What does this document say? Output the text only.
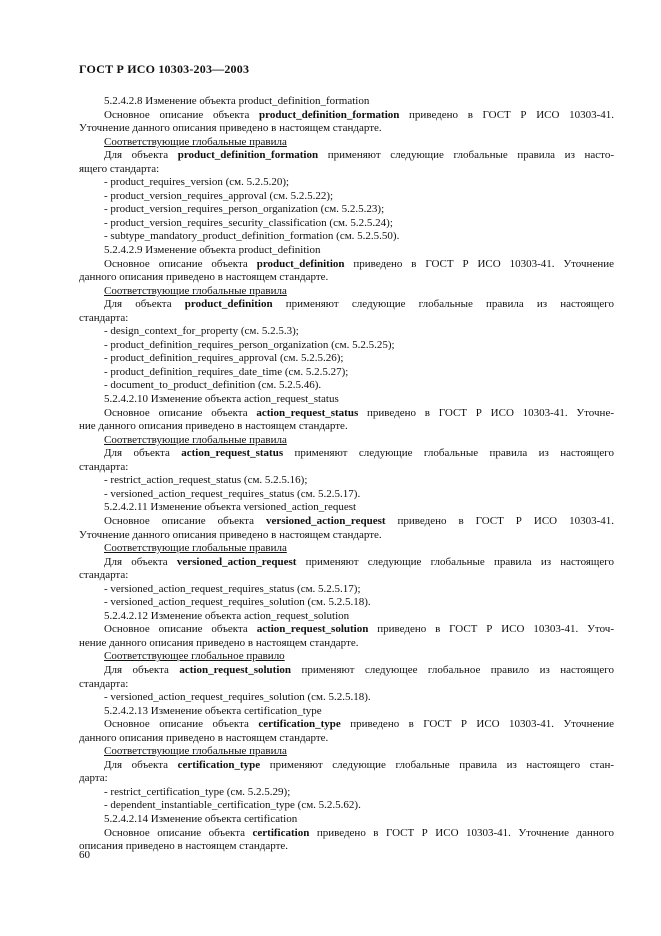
ГОСТ Р ИСО 10303-203—2003
5.2.4.2.8 Изменение объекта product_definition_formation
Основное описание объекта product_definition_formation приведено в ГОСТ Р ИСО 10303-41.
Уточнение данного описания приведено в настоящем стандарте.
Соответствующие глобальные правила
Для объекта product_definition_formation применяют следующие глобальные правила из насто-
ящего стандарта:
- product_requires_version (см. 5.2.5.20);
- product_version_requires_approval (см. 5.2.5.22);
- product_version_requires_person_organization (см. 5.2.5.23);
- product_version_requires_security_classification (см. 5.2.5.24);
- subtype_mandatory_product_definition_formation (см. 5.2.5.50).
5.2.4.2.9 Изменение объекта product_definition
Основное описание объекта product_definition приведено в ГОСТ Р ИСО 10303-41. Уточнение
данного описания приведено в настоящем стандарте.
Соответствующие глобальные правила
Для объекта product_definition применяют следующие глобальные правила из настоящего
стандарта:
- design_context_for_property (см. 5.2.5.3);
- product_definition_requires_person_organization (см. 5.2.5.25);
- product_definition_requires_approval (см. 5.2.5.26);
- product_definition_requires_date_time (см. 5.2.5.27);
- document_to_product_definition (см. 5.2.5.46).
5.2.4.2.10 Изменение объекта action_request_status
Основное описание объекта action_request_status приведено в ГОСТ Р ИСО 10303-41. Уточне-
ние данного описания приведено в настоящем стандарте.
Соответствующие глобальные правила
Для объекта action_request_status применяют следующие глобальные правила из настоящего
стандарта:
- restrict_action_request_status (см. 5.2.5.16);
- versioned_action_request_requires_status (см. 5.2.5.17).
5.2.4.2.11 Изменение объекта versioned_action_request
Основное описание объекта versioned_action_request приведено в ГОСТ Р ИСО 10303-41.
Уточнение данного описания приведено в настоящем стандарте.
Соответствующие глобальные правила
Для объекта versioned_action_request применяют следующие глобальные правила из настоящего
стандарта:
- versioned_action_request_requires_status (см. 5.2.5.17);
- versioned_action_request_requires_solution (см. 5.2.5.18).
5.2.4.2.12 Изменение объекта action_request_solution
Основное описание объекта action_request_solution приведено в ГОСТ Р ИСО 10303-41. Уточ-
нение данного описания приведено в настоящем стандарте.
Соответствующее глобальное правило
Для объекта action_request_solution применяют следующее глобальное правило из настоящего
стандарта:
- versioned_action_request_requires_solution (см. 5.2.5.18).
5.2.4.2.13 Изменение объекта certification_type
Основное описание объекта certification_type приведено в ГОСТ Р ИСО 10303-41. Уточнение
данного описания приведено в настоящем стандарте.
Соответствующие глобальные правила
Для объекта certification_type применяют следующие глобальные правила из настоящего стан-
дарта:
- restrict_certification_type (см. 5.2.5.29);
- dependent_instantiable_certification_type (см. 5.2.5.62).
5.2.4.2.14 Изменение объекта certification
Основное описание объекта certification приведено в ГОСТ Р ИСО 10303-41. Уточнение данного
описания приведено в настоящем стандарте.
60
